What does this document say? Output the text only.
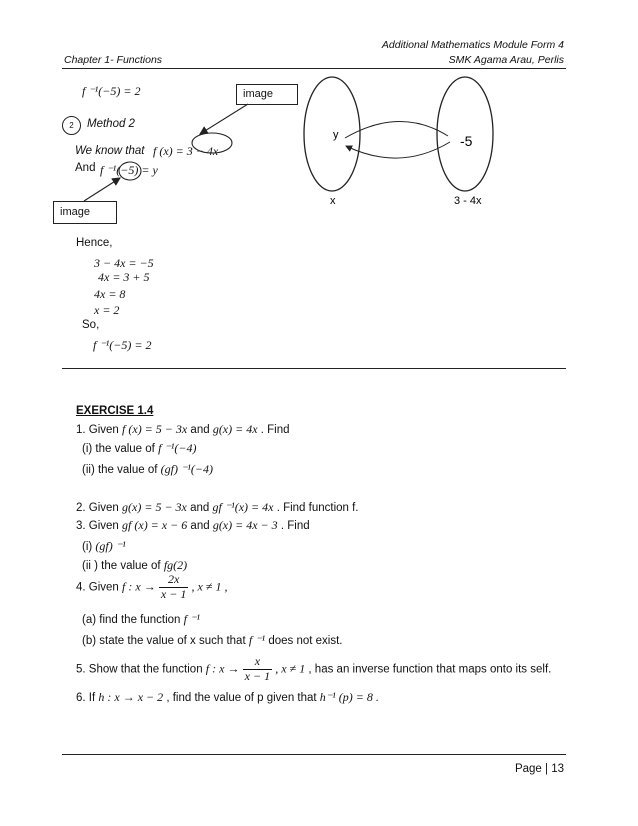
Additional Mathematics Module Form 4
Chapter 1- Functions	SMK Agama Arau, Perlis
f ⁻¹(−5) = 2	image
2	Method 2
We know that f (x) = 3 − 4x
And f ⁻¹(−5) = y
image
y	-5
x	3 - 4x
Hence,
3 − 4x = −5
4x = 3 + 5
4x = 8
x = 2
So,
f ⁻¹(−5) = 2
EXERCISE 1.4
1. Given f (x) = 5 − 3x and g(x) = 4x . Find
(i) the value of f ⁻¹(−4)
(ii) the value of (gf) ⁻¹(−4)
2. Given g(x) = 5 − 3x and gf ⁻¹(x) = 4x . Find function f.
3. Given gf (x) = x − 6 and g(x) = 4x − 3 . Find
(i) (gf) ⁻¹
(ii ) the value of fg(2)
4. Given f : $x \to \frac{2x}{x - 1}$ , x ≠ 1 ,
(a) find the function f ⁻¹
(b) state the value of x such that f ⁻¹ does not exist.
5. Show that the function f : $x \to \frac{x}{x - 1}$ , x ≠ 1 , has an inverse function that maps onto its self.
6. If h : x → x − 2 , find the value of p given that h⁻¹ (p) = 8 .
Page | 13
